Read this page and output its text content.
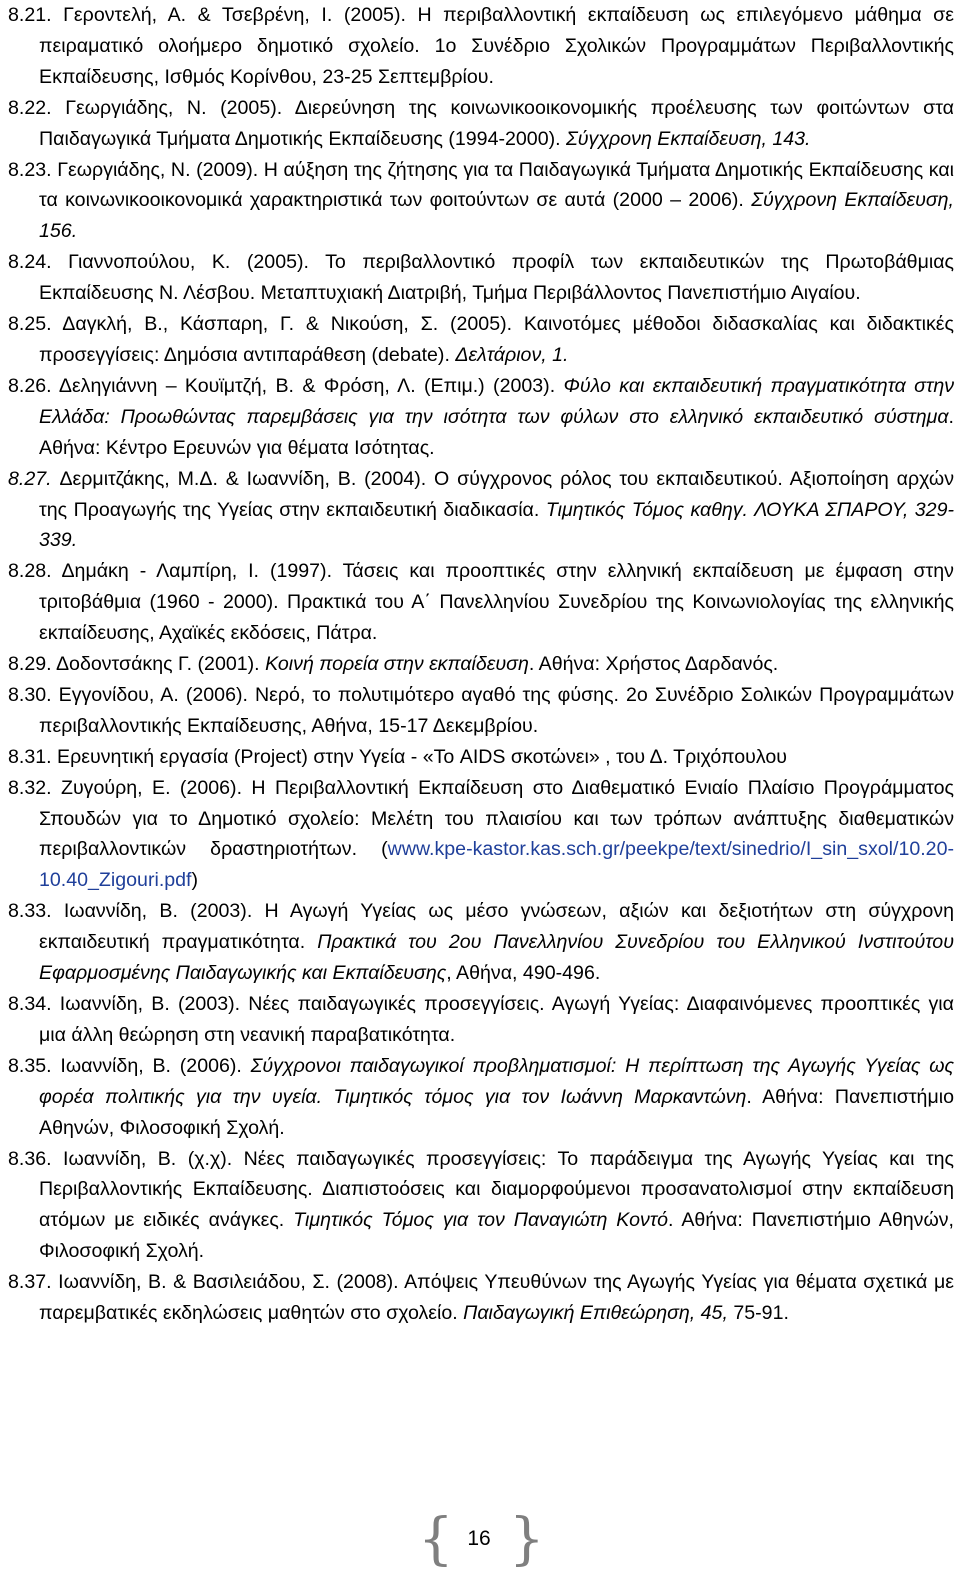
8.21. Γεροντελή, Α. & Τσεβρένη, Ι. (2005). Η περιβαλλοντική εκπαίδευση ως επιλεγόμενο μάθημα σε πειραματικό ολοήμερο δημοτικό σχολείο. 1ο Συνέδριο Σχολικών Προγραμμάτων Περιβαλλοντικής Εκπαίδευσης, Ισθμός Κορίνθου, 23-25 Σεπτεμβρίου.
8.22. Γεωργιάδης, Ν. (2005). Διερεύνηση της κοινωνικοοικονομικής προέλευσης των φοιτώντων στα Παιδαγωγικά Τμήματα Δημοτικής Εκπαίδευσης (1994-2000). Σύγχρονη Εκπαίδευση, 143.
8.23. Γεωργιάδης, Ν. (2009). Η αύξηση της ζήτησης για τα Παιδαγωγικά Τμήματα Δημοτικής Εκπαίδευσης και τα κοινωνικοοικονομικά χαρακτηριστικά των φοιτούντων σε αυτά (2000 – 2006). Σύγχρονη Εκπαίδευση, 156.
8.24. Γιαννοπούλου, Κ. (2005). Το περιβαλλοντικό προφίλ των εκπαιδευτικών της Πρωτοβάθμιας Εκπαίδευσης Ν. Λέσβου. Μεταπτυχιακή Διατριβή, Τμήμα Περιβάλλοντος Πανεπιστήμιο Αιγαίου.
8.25. Δαγκλή, Β., Κάσπαρη, Γ. & Νικούση, Σ. (2005). Καινοτόμες μέθοδοι διδασκαλίας και διδακτικές προσεγγίσεις: Δημόσια αντιπαράθεση (debate). Δελτάριον, 1.
8.26. Δεληγιάννη – Κουϊμτζή, Β. & Φρόση, Λ. (Επιμ.) (2003). Φύλο και εκπαιδευτική πραγματικότητα στην Ελλάδα: Προωθώντας παρεμβάσεις για την ισότητα των φύλων στο ελληνικό εκπαιδευτικό σύστημα. Αθήνα: Κέντρο Ερευνών για θέματα Ισότητας.
8.27. Δερμιτζάκης, Μ.Δ. & Ιωαννίδη, Β. (2004). Ο σύγχρονος ρόλος του εκπαιδευτικού. Αξιοποίηση αρχών της Προαγωγής της Υγείας στην εκπαιδευτική διαδικασία. Τιμητικός Τόμος καθηγ. ΛΟΥΚΑ ΣΠΑΡΟΥ, 329-339.
8.28. Δημάκη - Λαμπίρη, Ι. (1997). Τάσεις και προοπτικές στην ελληνική εκπαίδευση με έμφαση στην τριτοβάθμια (1960 - 2000). Πρακτικά του Α΄ Πανελληνίου Συνεδρίου της Κοινωνιολογίας της ελληνικής εκπαίδευσης, Αχαϊκές εκδόσεις, Πάτρα.
8.29. Δοδοντσάκης Γ. (2001). Κοινή πορεία στην εκπαίδευση. Αθήνα: Χρήστος Δαρδανός.
8.30. Εγγονίδου, Α. (2006). Νερό, το πολυτιμότερο αγαθό της φύσης. 2ο Συνέδριο Σολικών Προγραμμάτων περιβαλλοντικής Εκπαίδευσης, Αθήνα, 15-17 Δεκεμβρίου.
8.31. Ερευνητική εργασία (Project) στην Υγεία - «Το AIDS σκοτώνει» , του Δ. Τριχόπουλου
8.32. Ζυγούρη, Ε. (2006). Η Περιβαλλοντική Εκπαίδευση στο Διαθεματικό Ενιαίο Πλαίσιο Προγράμματος Σπουδών για το Δημοτικό σχολείο: Μελέτη του πλαισίου και των τρόπων ανάπτυξης διαθεματικών περιβαλλοντικών δραστηριοτήτων. (www.kpe-kastor.kas.sch.gr/peekpe/text/sinedrio/I_sin_sxol/10.20-10.40_Zigouri.pdf)
8.33. Ιωαννίδη, Β. (2003). Η Αγωγή Υγείας ως μέσο γνώσεων, αξιών και δεξιοτήτων στη σύγχρονη εκπαιδευτική πραγματικότητα. Πρακτικά του 2ου Πανελληνίου Συνεδρίου του Ελληνικού Ινστιτούτου Εφαρμοσμένης Παιδαγωγικής και Εκπαίδευσης, Αθήνα, 490-496.
8.34. Ιωαννίδη, Β. (2003). Νέες παιδαγωγικές προσεγγίσεις. Αγωγή Υγείας: Διαφαινόμενες προοπτικές για μια άλλη θεώρηση στη νεανική παραβατικότητα.
8.35. Ιωαννίδη, Β. (2006). Σύγχρονοι παιδαγωγικοί προβληματισμοί: Η περίπτωση της Αγωγής Υγείας ως φορέα πολιτικής για την υγεία. Τιμητικός τόμος για τον Ιωάννη Μαρκαντώνη. Αθήνα: Πανεπιστήμιο Αθηνών, Φιλοσοφική Σχολή.
8.36. Ιωαννίδη, Β. (χ.χ). Νέες παιδαγωγικές προσεγγίσεις: Το παράδειγμα της Αγωγής Υγείας και της Περιβαλλοντικής Εκπαίδευσης. Διαπιστοόσεις και διαμορφούμενοι προσανατολισμοί στην εκπαίδευση ατόμων με ειδικές ανάγκες. Τιμητικός Τόμος για τον Παναγιώτη Κοντό. Αθήνα: Πανεπιστήμιο Αθηνών, Φιλοσοφική Σχολή.
8.37. Ιωαννίδη, Β. & Βασιλειάδου, Σ. (2008). Απόψεις Υπευθύνων της Αγωγής Υγείας για θέματα σχετικά με παρεμβατικές εκδηλώσεις μαθητών στο σχολείο. Παιδαγωγική Επιθεώρηση, 45, 75-91.
{ 16 }
